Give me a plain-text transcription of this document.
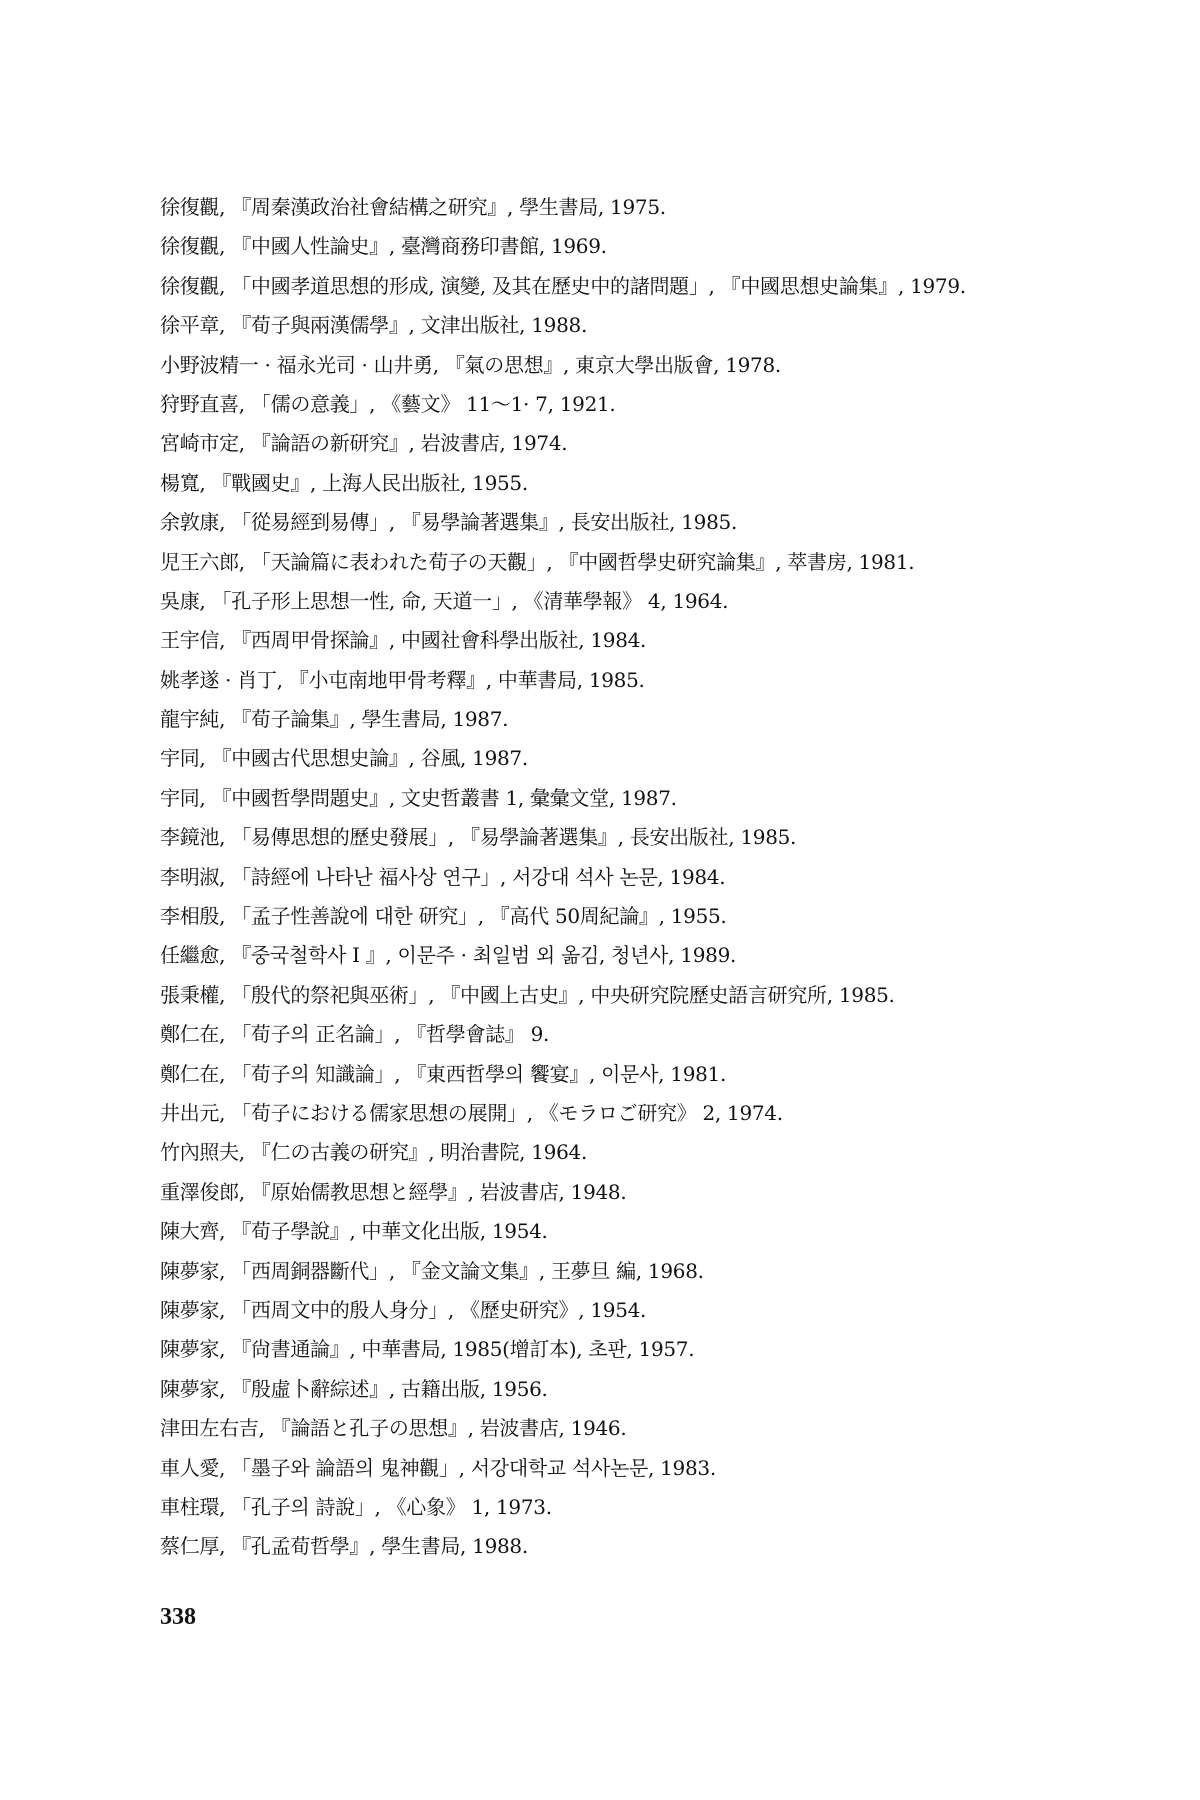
徐復觀, 『周秦漢政治社會結構之研究』, 學生書局, 1975.
徐復觀, 『中國人性論史』, 臺灣商務印書館, 1969.
徐復觀, 「中國孝道思想的形成, 演變, 及其在歷史中的諸問題」, 『中國思想史論集』, 1979.
徐平章, 『荀子與兩漢儒學』, 文津出版社, 1988.
小野波精一 · 福永光司 · 山井勇, 『氣の思想』, 東京大學出版會, 1978.
狩野直喜, 「儒の意義」, 《藝文》 11～1· 7, 1921.
宮崎市定, 『論語の新研究』, 岩波書店, 1974.
楊寬, 『戰國史』, 上海人民出版社, 1955.
余敦康, 「從易經到易傳」, 『易學論著選集』, 長安出版社, 1985.
児王六郎, 「天論篇に表われた荀子の天觀」, 『中國哲學史研究論集』, 萃書房, 1981.
吳康, 「孔子形上思想一性, 命, 天道一」, 《清華學報》 4, 1964.
王宇信, 『西周甲骨探論』, 中國社會科學出版社, 1984.
姚孝遂 · 肖丁, 『小屯南地甲骨考釋』, 中華書局, 1985.
龍宇純, 『荀子論集』, 學生書局, 1987.
宇同, 『中國古代思想史論』, 谷風, 1987.
宇同, 『中國哲學問題史』, 文史哲叢書 1, 彙彙文堂, 1987.
李鏡池, 「易傳思想的歷史發展」, 『易學論著選集』, 長安出版社, 1985.
李明淑, 「詩經에 나타난 福사상 연구」, 서강대 석사 논문, 1984.
李相殷, 「孟子性善說에 대한 研究」, 『高代 50周紀論』, 1955.
任繼愈, 『중국철학사 I 』, 이문주 · 최일범 외 옮김, 청년사, 1989.
張秉權, 「殷代的祭祀與巫術」, 『中國上古史』, 中央研究院歷史語言研究所, 1985.
鄭仁在, 「荀子의 正名論」, 『哲學會誌』 9.
鄭仁在, 「荀子의 知識論」, 『東西哲學의 饗宴』, 이문사, 1981.
井出元, 「荀子における儒家思想の展開」, 《モラロご研究》 2, 1974.
竹內照夫, 『仁の古義の研究』, 明治書院, 1964.
重澤俊郎, 『原始儒教思想と經學』, 岩波書店, 1948.
陳大齊, 『荀子學說』, 中華文化出版, 1954.
陳夢家, 「西周銅器斷代」, 『金文論文集』, 王夢旦 編, 1968.
陳夢家, 「西周文中的殷人身分」, 《歷史研究》, 1954.
陳夢家, 『尙書通論』, 中華書局, 1985(增訂本), 초판, 1957.
陳夢家, 『殷虛卜辭綜述』, 古籍出版, 1956.
津田左右吉, 『論語と孔子の思想』, 岩波書店, 1946.
車人愛, 「墨子와 論語의 鬼神觀」, 서강대학교 석사논문, 1983.
車柱環, 「孔子의 詩說」, 《心象》 1, 1973.
蔡仁厚, 『孔孟荀哲學』, 學生書局, 1988.
338
